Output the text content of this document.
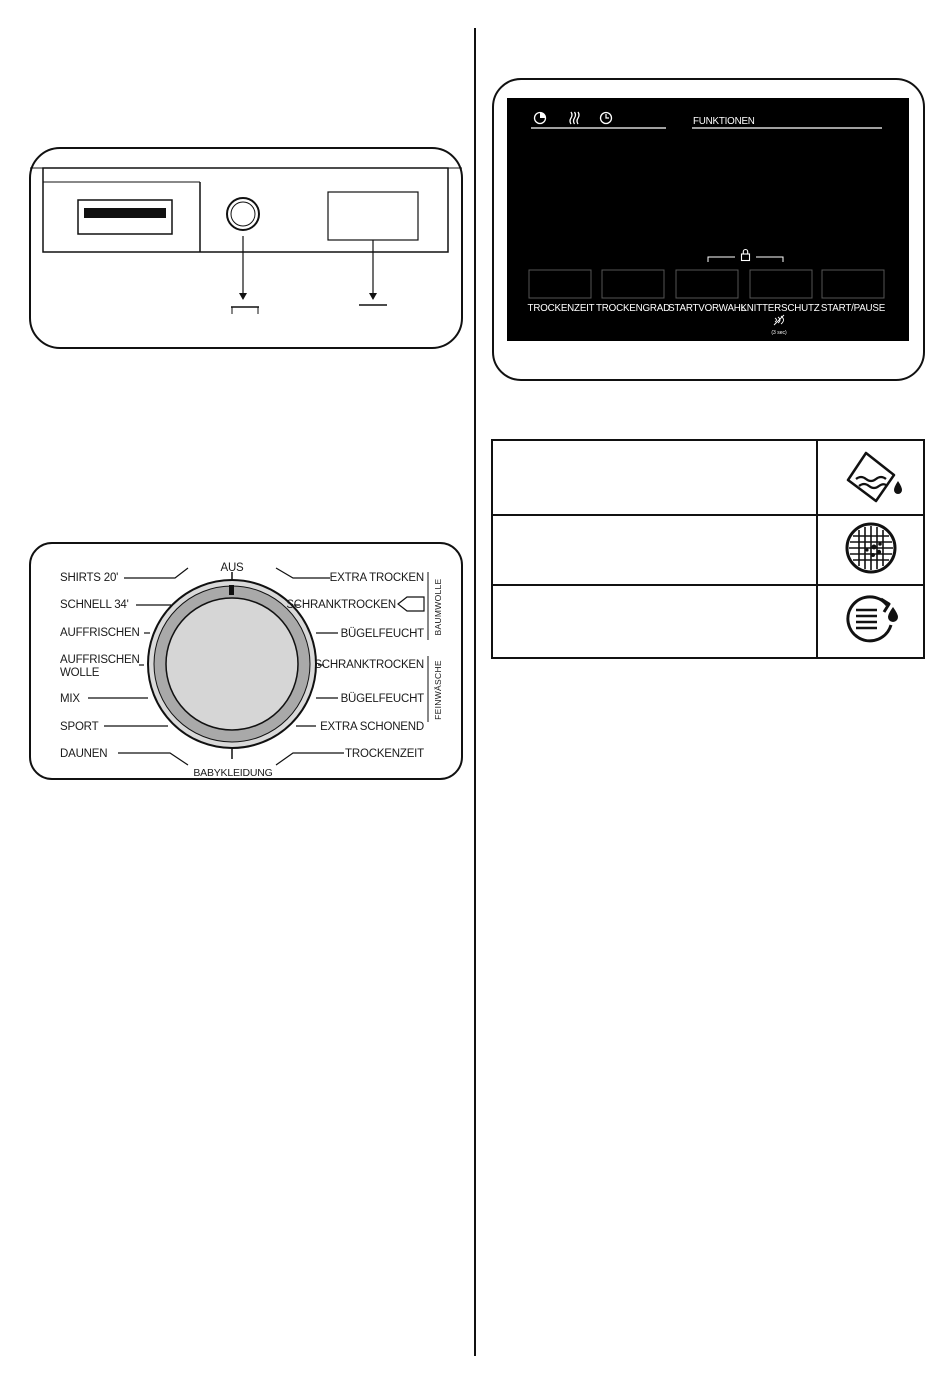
AUS
BABYKLEIDUNG
SHIRTS 20'
SCHNELL 34'
AUFFRISCHEN
AUFFRISCHEN
WOLLE
MIX
SPORT
DAUNEN
EXTRA TROCKEN
SCHRANKTROCKEN
BÜGELFEUCHT
SCHRANKTROCKEN
BÜGELFEUCHT
EXTRA SCHONEND
TROCKENZEIT
BAUMWOLLE
FEINWÄSCHE
FUNKTIONEN
TROCKENZEIT TROCKENGRAD
STARTVORWAHL
KNITTERSCHUTZ START/PAUSE
(3 sec)
